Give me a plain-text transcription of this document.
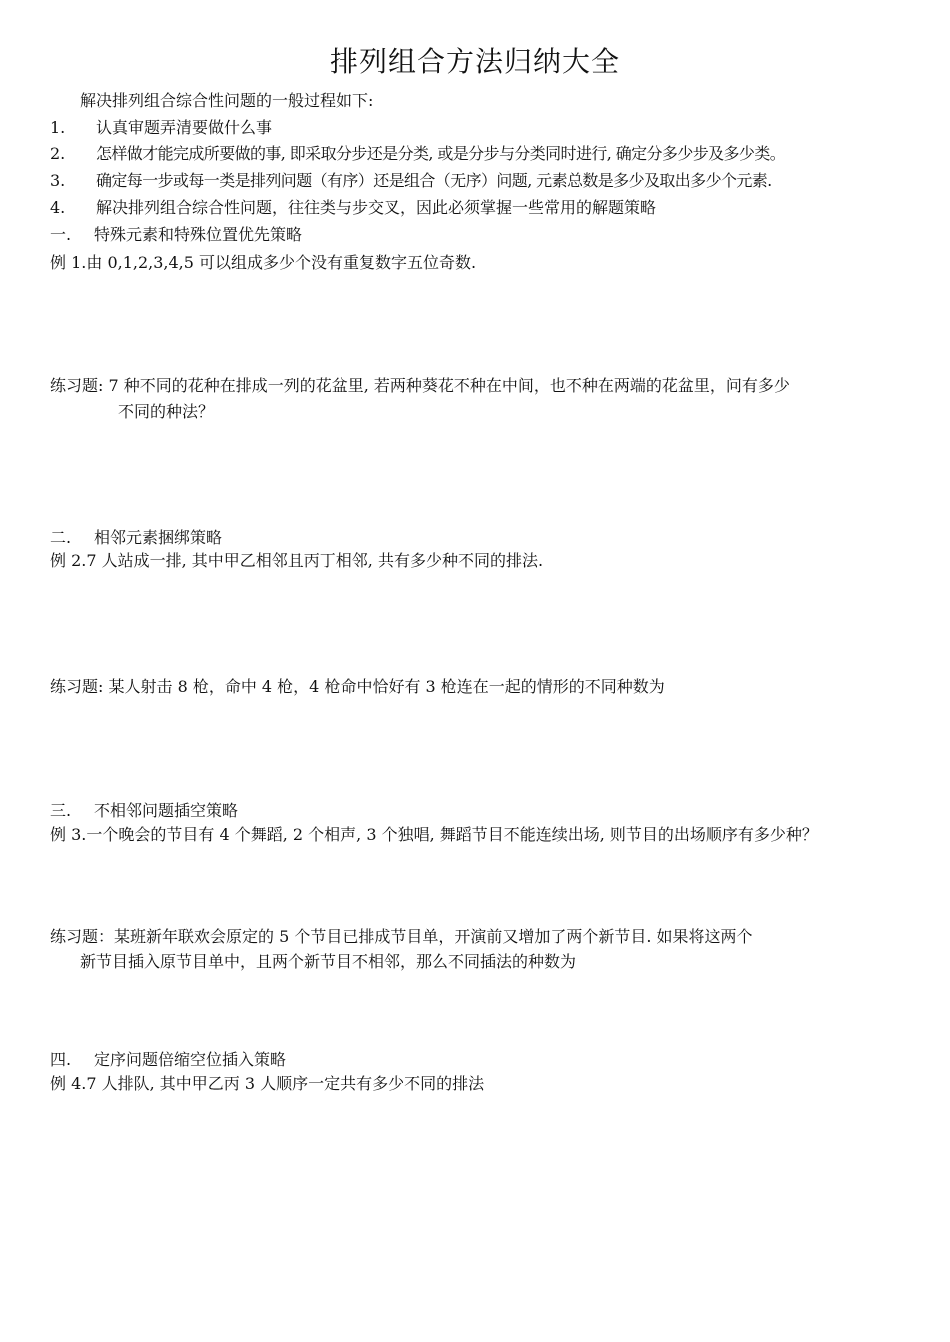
排列组合方法归纳大全
解决排列组合综合性问题的一般过程如下:
1. 认真审题弄清要做什么事
2. 怎样做才能完成所要做的事, 即采取分步还是分类, 或是分步与分类同时进行, 确定分多少步及多少类。
3. 确定每一步或每一类是排列问题（有序）还是组合（无序）问题, 元素总数是多少及取出多少个元素.
4. 解决排列组合综合性问题，往往类与步交叉，因此必须掌握一些常用的解题策略
一. 特殊元素和特殊位置优先策略
例 1.由 0,1,2,3,4,5 可以组成多少个没有重复数字五位奇数.
练习题: 7 种不同的花种在排成一列的花盆里, 若两种葵花不种在中间，也不种在两端的花盆里，问有多少
不同的种法？
二. 相邻元素捆绑策略
例 2.7 人站成一排, 其中甲乙相邻且丙丁相邻, 共有多少种不同的排法.
练习题: 某人射击 8 枪，命中 4 枪，4 枪命中恰好有 3 枪连在一起的情形的不同种数为
三. 不相邻问题插空策略
例 3.一个晚会的节目有 4 个舞蹈, 2 个相声, 3 个独唱, 舞蹈节目不能连续出场, 则节目的出场顺序有多少种？
练习题：某班新年联欢会原定的 5 个节目已排成节目单，开演前又增加了两个新节目. 如果将这两个
新节目插入原节目单中，且两个新节目不相邻，那么不同插法的种数为
四. 定序问题倍缩空位插入策略
例 4.7 人排队, 其中甲乙丙 3 人顺序一定共有多少不同的排法
